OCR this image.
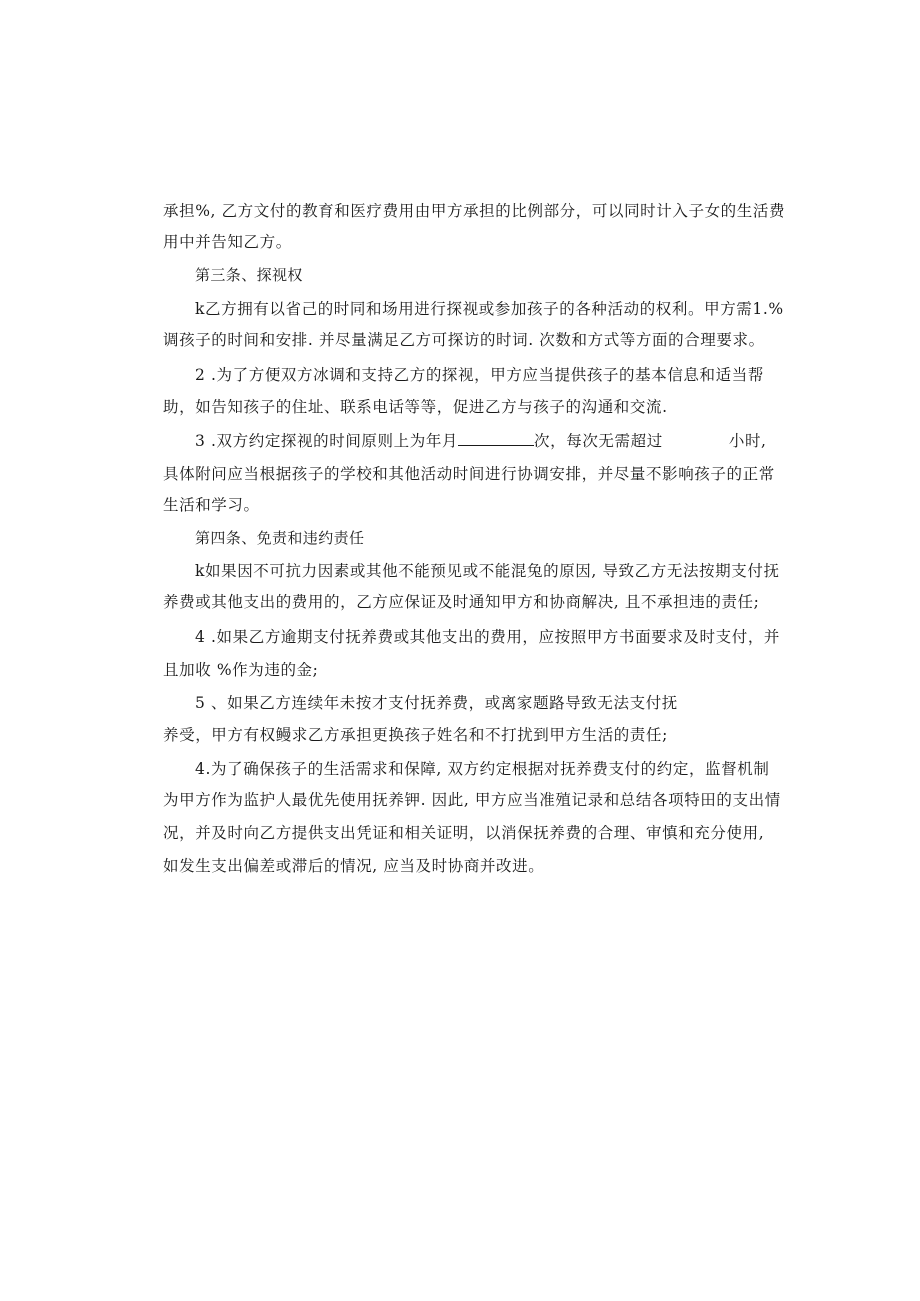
承担%, 乙方文付的教育和医疗费用由甲方承担的比例部分，可以同时计入子女的生活费
用中并告知乙方。
第三条、探视权
k乙方拥有以省己的时同和场用进行探视或参加孩子的各种活动的权利。甲方需1.%
调孩子的时间和安排. 并尽量满足乙方可探访的时词. 次数和方式等方面的合理要求。
2 .为了方便双方冰调和支持乙方的探视，甲方应当提供孩子的基本信息和适当帮
助，如告知孩子的住址、联系电话等等，促进乙方与孩子的沟通和交流.
3 .双方约定探视的时间原则上为年月	次，每次无需超过	小时,
具体附问应当根据孩子的学校和其他活动时间进行协调安排，并尽量不影响孩子的正常
生活和学习。
第四条、免责和违约责任
k如果因不可抗力因素或其他不能预见或不能混兔的原因, 导致乙方无法按期支付抚
养费或其他支出的费用的，乙方应保证及时通知甲方和协商解决, 且不承担违的责任;
4 .如果乙方逾期支付抚养费或其他支出的费用，应按照甲方书面要求及时支付，并
且加收 %作为违的金;
5 、如果乙方连续年未按才支付抚养费，或离家题路导致无法支付抚
养受，甲方有权鳗求乙方承担更换孩子姓名和不打扰到甲方生活的责任;
4.为了确保孩子的生活需求和保障, 双方约定根据对抚养费支付的约定，监督机制
为甲方作为监护人最优先使用抚养钾. 因此, 甲方应当准殖记录和总结各项特田的支出情
况，并及时向乙方提供支出凭证和相关证明，以消保抚养费的合理、审慎和充分使用,
如发生支出偏差或滞后的情况, 应当及时协商并改进。
